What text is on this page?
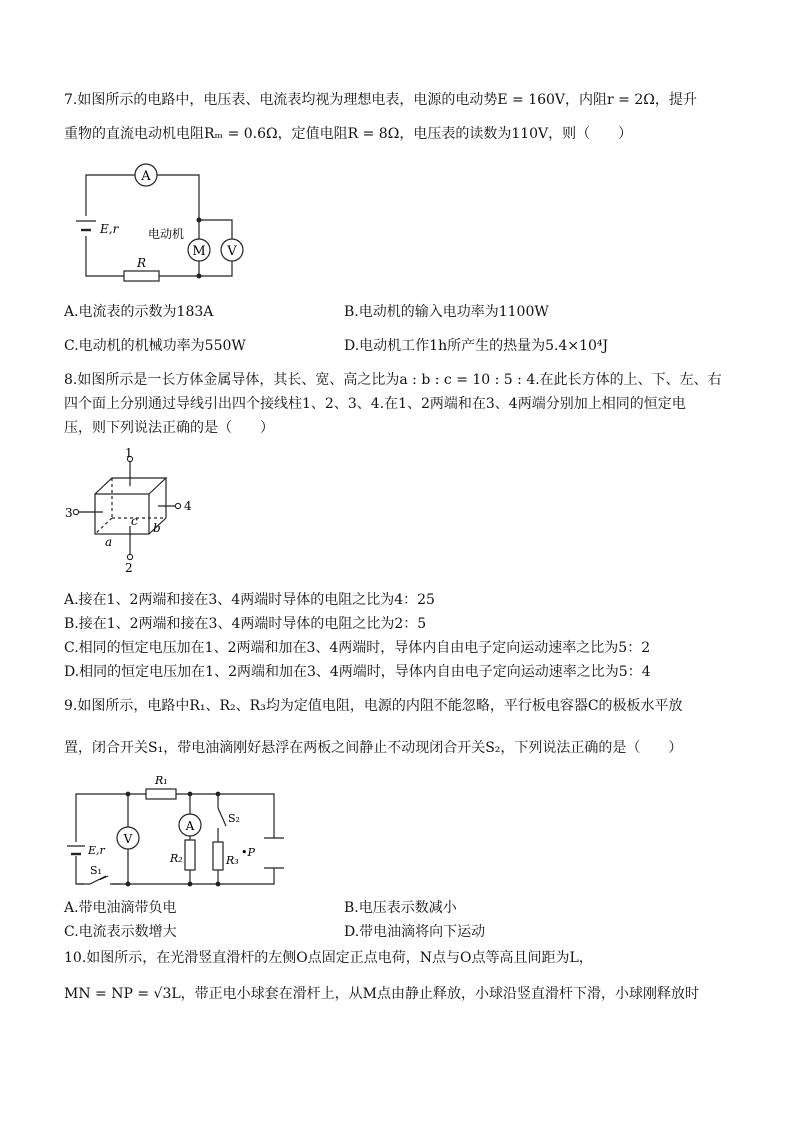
7.如图所示的电路中，电压表、电流表均视为理想电表，电源的电动势E = 160V，内阻r = 2Ω，提升
重物的直流电动机电阻Rₘ = 0.6Ω，定值电阻R = 8Ω，电压表的读数为110V，则（　　）
A
M V
E,r 电动机
R
A.电流表的示数为183A	B.电动机的输入电功率为1100W
C.电动机的机械功率为550W	D.电动机工作1h所产生的热量为5.4×10⁴J
8.如图所示是一长方体金属导体，其长、宽、高之比为a : b : c = 10 : 5 : 4.在此长方体的上、下、左、右
四个面上分别通过导线引出四个接线柱1、2、3、4.在1、2两端和在3、4两端分别加上相同的恒定电
压，则下列说法正确的是（　　）
1
2
3	4
a
b
c
A.接在1、2两端和接在3、4两端时导体的电阻之比为4：25
B.接在1、2两端和接在3、4两端时导体的电阻之比为2：5
C.相同的恒定电压加在1、2两端和加在3、4两端时，导体内自由电子定向运动速率之比为5：2
D.相同的恒定电压加在1、2两端和加在3、4两端时，导体内自由电子定向运动速率之比为5：4
9.如图所示，电路中R₁、R₂、R₃均为定值电阻，电源的内阻不能忽略，平行板电容器C的极板水平放
置，闭合开关S₁，带电油滴刚好悬浮在两板之间静止不动现闭合开关S₂，下列说法正确的是（　　）
R₁
V
A
E,r
S₁
S₂
R₂	R₃
•P
A.带电油滴带负电	B.电压表示数减小
C.电流表示数增大	D.带电油滴将向下运动
10.如图所示，在光滑竖直滑杆的左侧O点固定正点电荷，N点与O点等高且间距为L，
MN = NP = √3L，带正电小球套在滑杆上，从M点由静止释放，小球沿竖直滑杆下滑，小球刚释放时
